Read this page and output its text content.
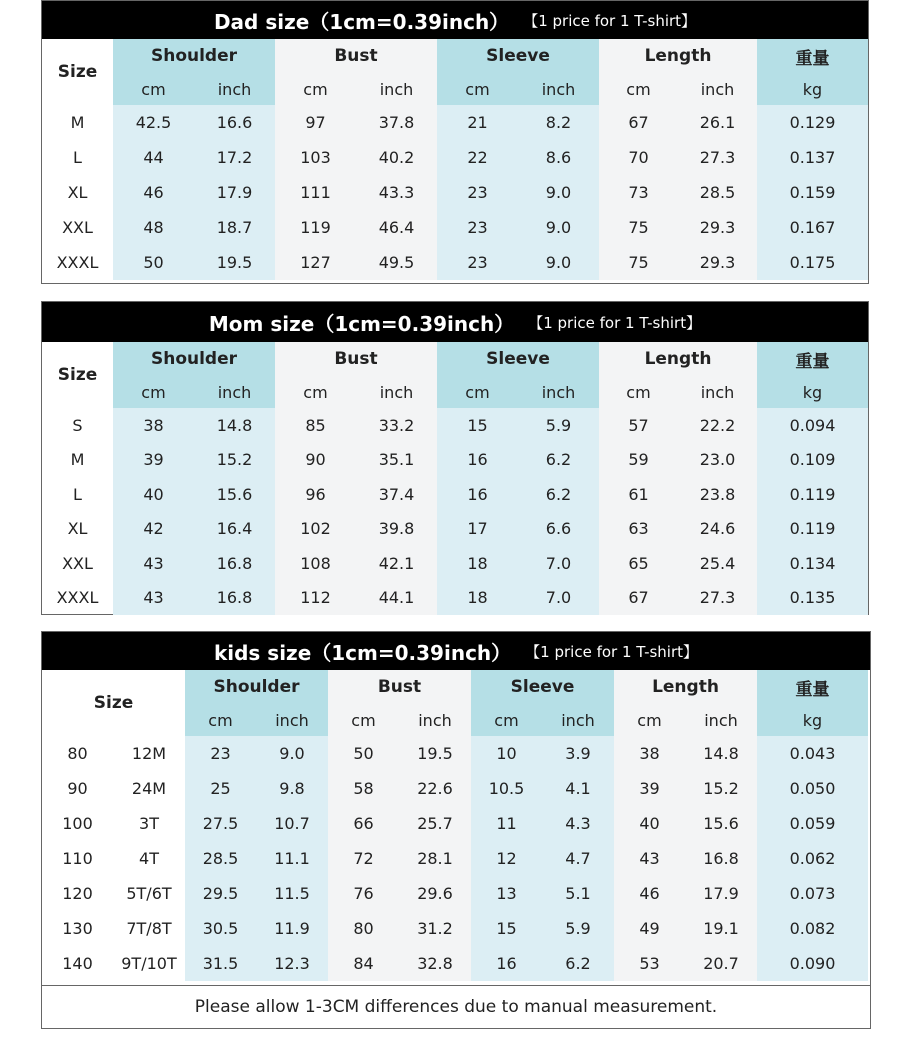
Dad size（1cm=0.39inch） 【1 price for 1 T-shirt】
Size
Shoulder	Bust	Sleeve	Length	重量
cm	inch	cm	inch	cm	inch	cm	inch	kg
M	42.5	16.6	97	37.8	21	8.2	67	26.1	0.129
L	44	17.2	103	40.2	22	8.6	70	27.3	0.137
XL	46	17.9	111	43.3	23	9.0	73	28.5	0.159
XXL	48	18.7	119	46.4	23	9.0	75	29.3	0.167
XXXL	50	19.5	127	49.5	23	9.0	75	29.3	0.175
Mom size（1cm=0.39inch） 【1 price for 1 T-shirt】
Size
Shoulder	Bust	Sleeve	Length	重量
cm	inch	cm	inch	cm	inch	cm	inch	kg
S	38	14.8	85	33.2	15	5.9	57	22.2	0.094
M	39	15.2	90	35.1	16	6.2	59	23.0	0.109
L	40	15.6	96	37.4	16	6.2	61	23.8	0.119
XL	42	16.4	102	39.8	17	6.6	63	24.6	0.119
XXL	43	16.8	108	42.1	18	7.0	65	25.4	0.134
XXXL	43	16.8	112	44.1	18	7.0	67	27.3	0.135
kids size（1cm=0.39inch） 【1 price for 1 T-shirt】
Size
Shoulder	Bust	Sleeve	Length	重量
cm	inch	cm	inch	cm	inch	cm	inch	kg
80	12M	23	9.0	50	19.5	10	3.9	38	14.8	0.043
90	24M	25	9.8	58	22.6	10.5	4.1	39	15.2	0.050
100	3T	27.5	10.7	66	25.7	11	4.3	40	15.6	0.059
110	4T	28.5	11.1	72	28.1	12	4.7	43	16.8	0.062
120	5T/6T	29.5	11.5	76	29.6	13	5.1	46	17.9	0.073
130	7T/8T	30.5	11.9	80	31.2	15	5.9	49	19.1	0.082
140	9T/10T	31.5	12.3	84	32.8	16	6.2	53	20.7	0.090
Please allow 1-3CM differences due to manual measurement.
